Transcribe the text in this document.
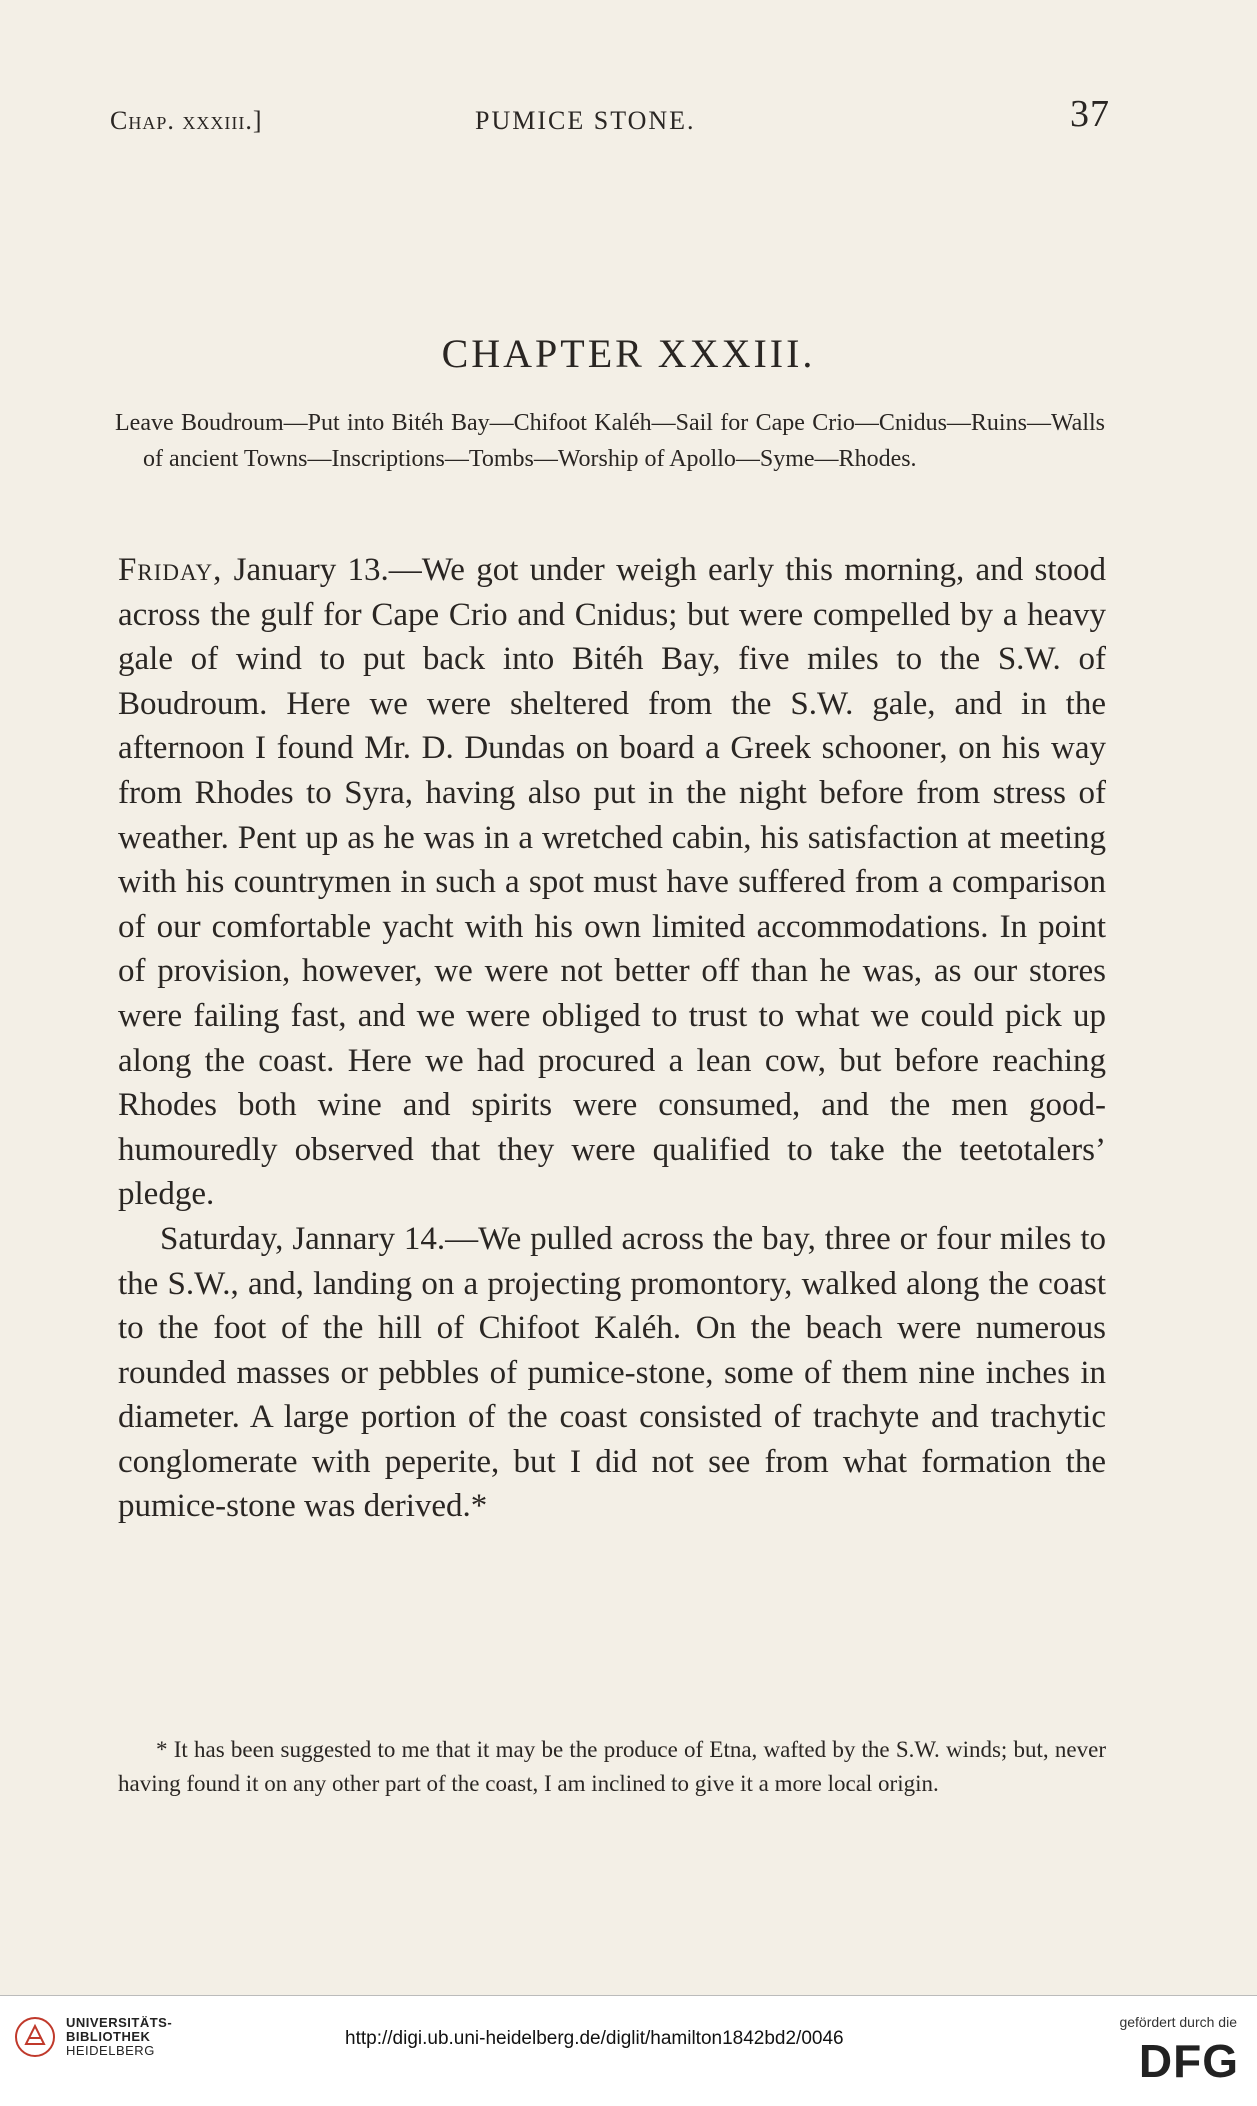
Chap. xxxiii.]	PUMICE STONE.	37
CHAPTER XXXIII.

Leave Boudroum—Put into Bitéh Bay—Chifoot Kaléh—Sail for Cape Crio—Cnidus—Ruins—Walls of ancient Towns—Inscriptions—Tombs—Worship of Apollo—Syme—Rhodes.

Friday, January 13.—We got under weigh early this morning, and stood across the gulf for Cape Crio and Cnidus; but were compelled by a heavy gale of wind to put back into Bitéh Bay, five miles to the S.W. of Boudroum. Here we were sheltered from the S.W. gale, and in the afternoon I found Mr. D. Dundas on board a Greek schooner, on his way from Rhodes to Syra, having also put in the night before from stress of weather. Pent up as he was in a wretched cabin, his satisfaction at meeting with his countrymen in such a spot must have suffered from a comparison of our comfortable yacht with his own limited accommodations. In point of provision, however, we were not better off than he was, as our stores were failing fast, and we were obliged to trust to what we could pick up along the coast. Here we had procured a lean cow, but before reaching Rhodes both wine and spirits were consumed, and the men good-humouredly observed that they were qualified to take the teetotalers’ pledge.

Saturday, Jannary 14.—We pulled across the bay, three or four miles to the S.W., and, landing on a projecting promontory, walked along the coast to the foot of the hill of Chifoot Kaléh. On the beach were numerous rounded masses or pebbles of pumice-stone, some of them nine inches in diameter. A large portion of the coast consisted of trachyte and trachytic conglomerate with peperite, but I did not see from what formation the pumice-stone was derived.*

* It has been suggested to me that it may be the produce of Etna, wafted by the S.W. winds; but, never having found it on any other part of the coast, I am inclined to give it a more local origin.

UNIVERSITÄTS-
BIBLIOTHEK
HEIDELBERG
http://digi.ub.uni-heidelberg.de/diglit/hamilton1842bd2/0046
gefördert durch die
DFG
